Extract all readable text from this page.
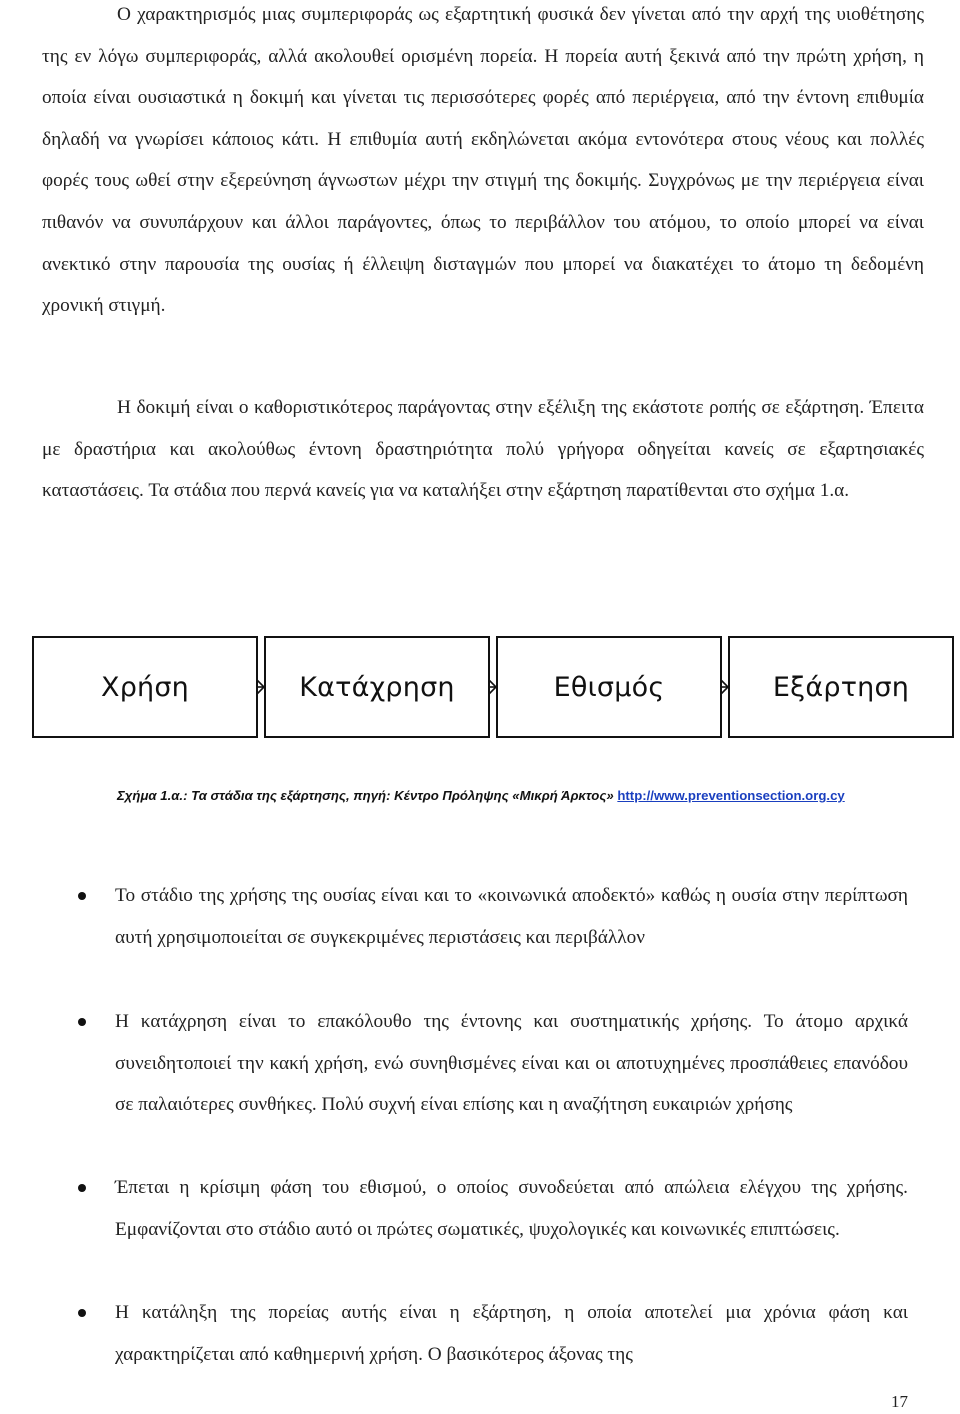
Ο χαρακτηρισμός μιας συμπεριφοράς ως εξαρτητική φυσικά δεν γίνεται από την αρχή της υιοθέτησης της εν λόγω συμπεριφοράς, αλλά ακολουθεί ορισμένη πορεία. Η πορεία αυτή ξεκινά από την πρώτη χρήση, η οποία είναι ουσιαστικά η δοκιμή και γίνεται τις περισσότερες φορές από περιέργεια, από την έντονη επιθυμία δηλαδή να γνωρίσει κάποιος κάτι. Η επιθυμία αυτή εκδηλώνεται ακόμα εντονότερα στους νέους και πολλές φορές τους ωθεί στην εξερεύνηση άγνωστων μέχρι την στιγμή της δοκιμής. Συγχρόνως με την περιέργεια είναι πιθανόν να συνυπάρχουν και άλλοι παράγοντες, όπως το περιβάλλον του ατόμου, το οποίο μπορεί να είναι ανεκτικό στην παρουσία της ουσίας ή έλλειψη δισταγμών που μπορεί να διακατέχει το άτομο τη δεδομένη χρονική στιγμή.

Η δοκιμή είναι ο καθοριστικότερος παράγοντας στην εξέλιξη της εκάστοτε ροπής σε εξάρτηση. Έπειτα με δραστήρια και ακολούθως έντονη δραστηριότητα πολύ γρήγορα οδηγείται κανείς σε εξαρτησιακές καταστάσεις. Τα στάδια που περνά κανείς για να καταλήξει στην εξάρτηση παρατίθενται στο σχήμα 1.α.

Χρήση	Κατάχρηση	Εθισμός	Εξάρτηση
Σχήμα 1.α.: Τα στάδια της εξάρτησης, πηγή: Κέντρο Πρόληψης «Μικρή Άρκτος» http://www.preventionsection.org.cy
Το στάδιο της χρήσης της ουσίας είναι και το «κοινωνικά αποδεκτό» καθώς η ουσία στην περίπτωση αυτή χρησιμοποιείται σε συγκεκριμένες περιστάσεις και περιβάλλον
Η κατάχρηση είναι το επακόλουθο της έντονης και συστηματικής χρήσης. Το άτομο αρχικά συνειδητοποιεί την κακή χρήση, ενώ συνηθισμένες είναι και οι αποτυχημένες προσπάθειες επανόδου σε παλαιότερες συνθήκες. Πολύ συχνή είναι επίσης και η αναζήτηση ευκαιριών χρήσης
Έπεται η κρίσιμη φάση του εθισμού, ο οποίος συνοδεύεται από απώλεια ελέγχου της χρήσης. Εμφανίζονται στο στάδιο αυτό οι πρώτες σωματικές, ψυχολογικές και κοινωνικές επιπτώσεις.
Η κατάληξη της πορείας αυτής είναι η εξάρτηση, η οποία αποτελεί μια χρόνια φάση και χαρακτηρίζεται από καθημερινή χρήση. Ο βασικότερος άξονας της
17
